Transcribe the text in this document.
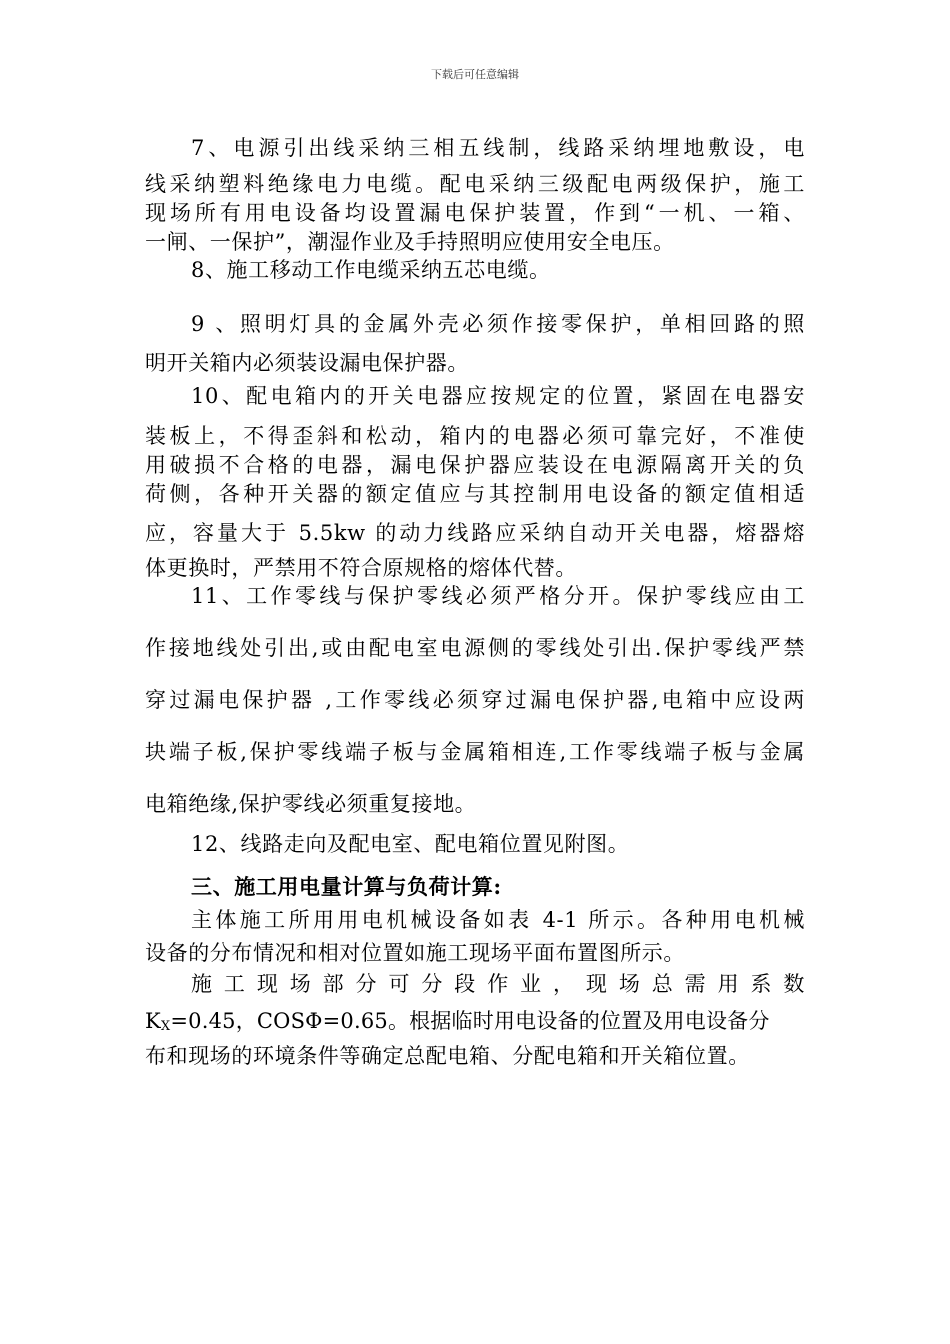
下载后可任意编辑
7、电源引出线采纳三相五线制，线路采纳埋地敷设，电
线采纳塑料绝缘电力电缆。配电采纳三级配电两级保护，施工
现场所有用电设备均设置漏电保护装置，作到“一机、一箱、
一闸、一保护”，潮湿作业及手持照明应使用安全电压。
8、施工移动工作电缆采纳五芯电缆。
9 、照明灯具的金属外壳必须作接零保护，单相回路的照
明开关箱内必须装设漏电保护器。
10、配电箱内的开关电器应按规定的位置，紧固在电器安
装板上，不得歪斜和松动，箱内的电器必须可靠完好，不准使
用破损不合格的电器，漏电保护器应装设在电源隔离开关的负
荷侧，各种开关器的额定值应与其控制用电设备的额定值相适
应，容量大于 5.5kw 的动力线路应采纳自动开关电器，熔器熔
体更换时，严禁用不符合原规格的熔体代替。
11、工作零线与保护零线必须严格分开。保护零线应由工
作接地线处引出,或由配电室电源侧的零线处引出.保护零线严禁
穿过漏电保护器 ,工作零线必须穿过漏电保护器,电箱中应设两
块端子板,保护零线端子板与金属箱相连,工作零线端子板与金属
电箱绝缘,保护零线必须重复接地。
12、线路走向及配电室、配电箱位置见附图。
三、施工用电量计算与负荷计算:
主体施工所用用电机械设备如表 4-1 所示。各种用电机械
设备的分布情况和相对位置如施工现场平面布置图所示。
施工现场部分可分段作业，现场总需用系数
$K_X=0.45$，COSΦ=0.65。根据临时用电设备的位置及用电设备分
布和现场的环境条件等确定总配电箱、分配电箱和开关箱位置。
